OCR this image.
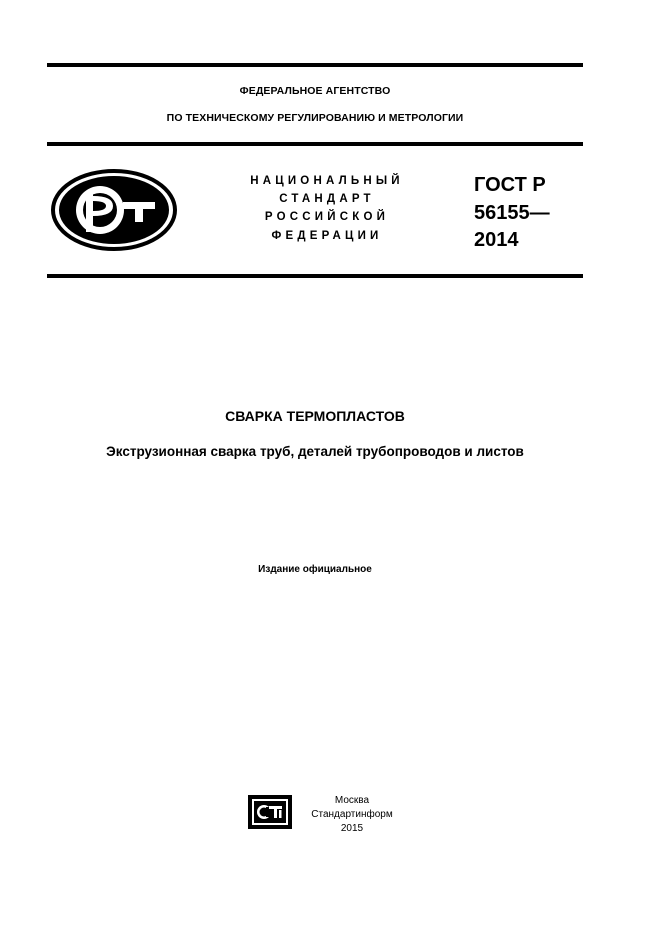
ФЕДЕРАЛЬНОЕ АГЕНТСТВО
ПО ТЕХНИЧЕСКОМУ РЕГУЛИРОВАНИЮ И МЕТРОЛОГИИ
НАЦИОНАЛЬНЫЙ
СТАНДАРТ
РОССИЙСКОЙ
ФЕДЕРАЦИИ
ГОСТ Р
56155—
2014
СВАРКА ТЕРМОПЛАСТОВ
Экструзионная сварка труб, деталей трубопроводов и листов
Издание официальное
Москва
Стандартинформ
2015
